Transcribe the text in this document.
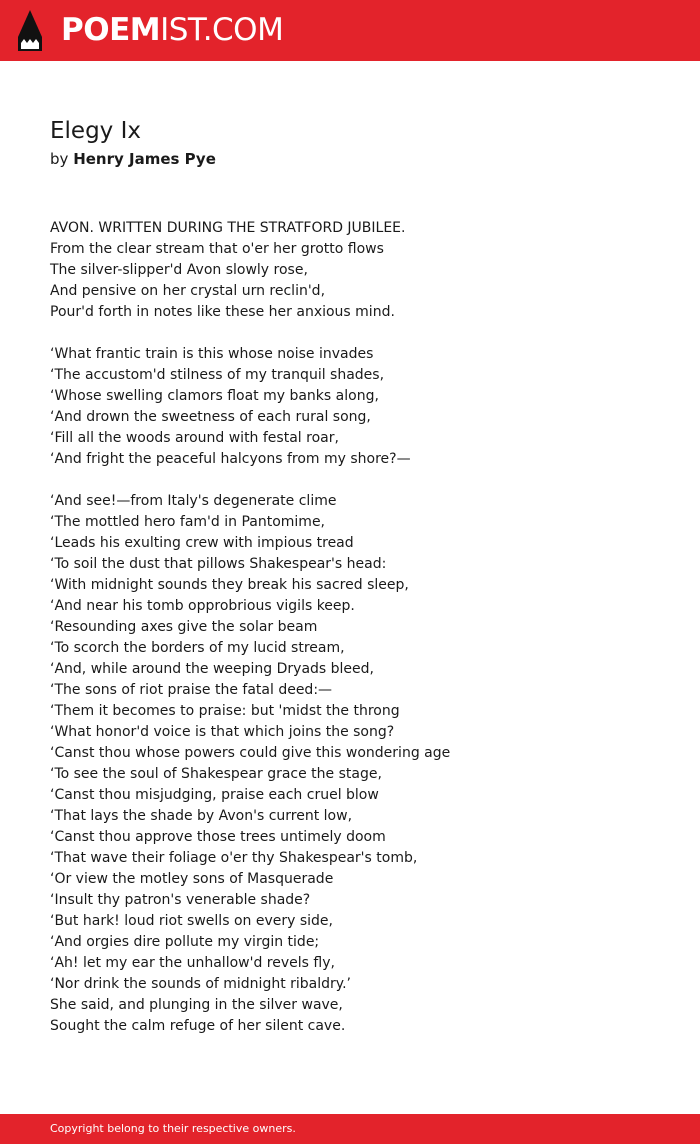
POEMIST.COM
Elegy Ix
by Henry James Pye
AVON. WRITTEN DURING THE STRATFORD JUBILEE.
From the clear stream that o'er her grotto flows
The silver-slipper'd Avon slowly rose,
And pensive on her crystal urn reclin'd,
Pour'd forth in notes like these her anxious mind.
‘What frantic train is this whose noise invades
‘The accustom'd stilness of my tranquil shades,
‘Whose swelling clamors float my banks along,
‘And drown the sweetness of each rural song,
‘Fill all the woods around with festal roar,
‘And fright the peaceful halcyons from my shore?—
‘And see!—from Italy's degenerate clime
‘The mottled hero fam'd in Pantomime,
‘Leads his exulting crew with impious tread
‘To soil the dust that pillows Shakespear's head:
‘With midnight sounds they break his sacred sleep,
‘And near his tomb opprobrious vigils keep.
‘Resounding axes give the solar beam
‘To scorch the borders of my lucid stream,
‘And, while around the weeping Dryads bleed,
‘The sons of riot praise the fatal deed:—
‘Them it becomes to praise: but 'midst the throng
‘What honor'd voice is that which joins the song?
‘Canst thou whose powers could give this wondering age
‘To see the soul of Shakespear grace the stage,
‘Canst thou misjudging, praise each cruel blow
‘That lays the shade by Avon's current low,
‘Canst thou approve those trees untimely doom
‘That wave their foliage o'er thy Shakespear's tomb,
‘Or view the motley sons of Masquerade
‘Insult thy patron's venerable shade?
‘But hark! loud riot swells on every side,
‘And orgies dire pollute my virgin tide;
‘Ah! let my ear the unhallow'd revels fly,
‘Nor drink the sounds of midnight ribaldry.’
She said, and plunging in the silver wave,
Sought the calm refuge of her silent cave.
Copyright belong to their respective owners.
